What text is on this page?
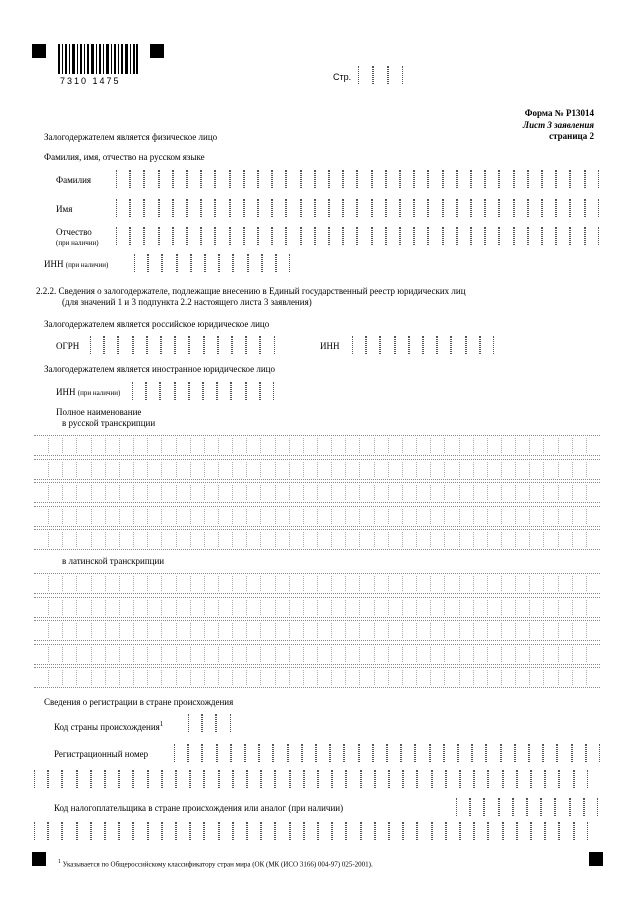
7310 1475	Стр.
Форма № Р13014
Лист 3 заявления
страница 2
Залогодержателем является физическое лицо
Фамилия, имя, отчество на русском языке
Фамилия
Имя
Отчество
(при наличии)
ИНН (при наличии)
2.2.2. Сведения о залогодержателе, подлежащие внесению в Единый государственный реестр юридических лиц
(для значений 1 и 3 подпункта 2.2 настоящего листа 3 заявления)
Залогодержателем является российское юридическое лицо
ОГРН	ИНН
Залогодержателем является иностранное юридическое лицо
ИНН (при наличии)
Полное наименование
в русской транскрипции
в латинской транскрипции
Сведения о регистрации в стране происхождения
Код страны происхождения$^1$
Регистрационный номер
Код налогоплательщика в стране происхождения или аналог (при наличии)
$^1$ Указывается по Общероссийскому классификатору стран мира (ОК (МК (ИСО 3166) 004-97) 025-2001).
